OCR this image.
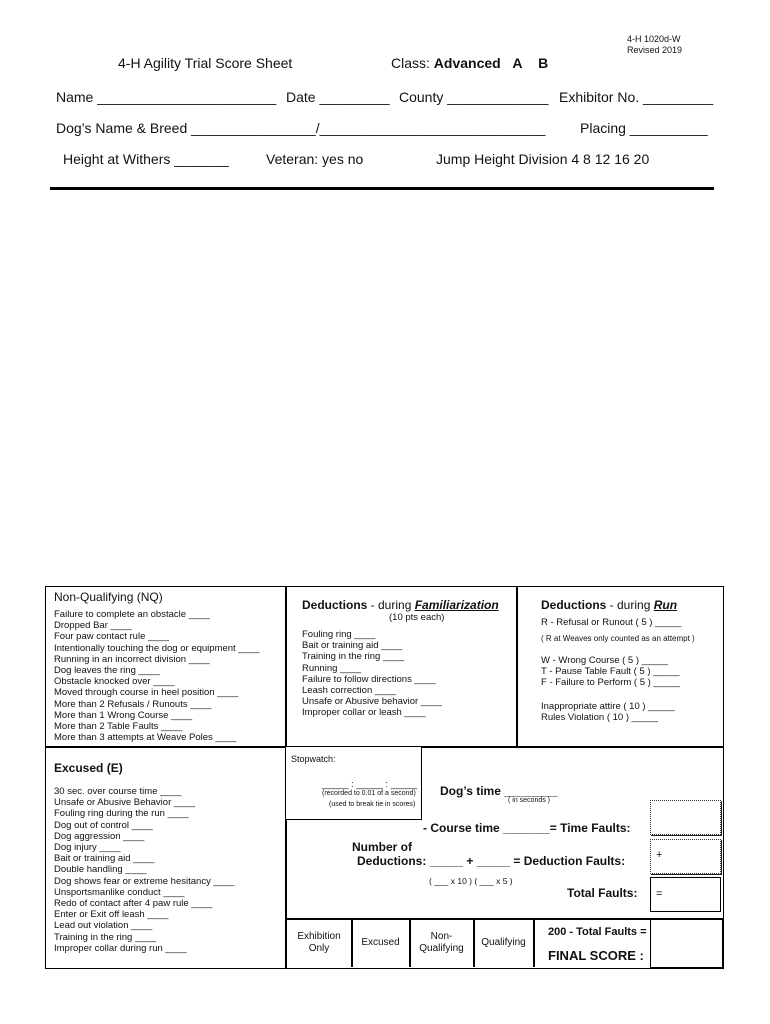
4-H 1020d-W
Revised 2019
4-H Agility Trial Score Sheet	Class: Advanced A B
Name _______________________ Date _________ County _____________ Exhibitor No. _________
Dog’s Name & Breed ________________/_____________________________ Placing __________
Height at Withers _______	Veteran: yes no	Jump Height Division 4 8 12 16 20
Non-Qualifying (NQ)
Failure to complete an obstacle ____
Dropped Bar ____
Four paw contact rule ____
Intentionally touching the dog or equipment ____
Running in an incorrect division ____
Dog leaves the ring ____
Obstacle knocked over ____
Moved through course in heel position ____
More than 2 Refusals / Runouts ____
More than 1 Wrong Course ____
More than 2 Table Faults ____
More than 3 attempts at Weave Poles ____
Deductions - during Familiarization
(10 pts each)
Fouling ring ____
Bait or training aid ____
Training in the ring ____
Running ____
Failure to follow directions ____
Leash correction ____
Unsafe or Abusive behavior ____
Improper collar or leash ____
Deductions - during Run
R - Refusal or Runout ( 5 ) _____
( R at Weaves only counted as an attempt )
W - Wrong Course ( 5 ) _____
T - Pause Table Fault ( 5 ) _____
F - Failure to Perform ( 5 ) _____
Inappropriate attire ( 10 ) _____
Rules Violation ( 10 ) _____
Excused (E)
30 sec. over course time ____
Unsafe or Abusive Behavior ____
Fouling ring during the run ____
Dog out of control ____
Dog aggression ____
Dog injury ____
Bait or training aid ____
Double handling ____
Dog shows fear or extreme hesitancy ____
Unsportsmanlike conduct ____
Redo of contact after 4 paw rule ____
Enter or Exit off leash ____
Lead out violation ____
Training in the ring ____
Improper collar during run ____
Stopwatch:
_____ : _____ : _____
(recorded to 0.01 of a second)
(used to break tie in scores)
Dog’s time ________
( in seconds )
- Course time _______= Time Faults:
Number of
Deductions: _____ + _____ = Deduction Faults:
( ___ x 10 ) ( ___ x 5 )
Total Faults:
+
=
Exhibition
Only
Excused
Non-
Qualifying
Qualifying
200 - Total Faults =
FINAL SCORE :
